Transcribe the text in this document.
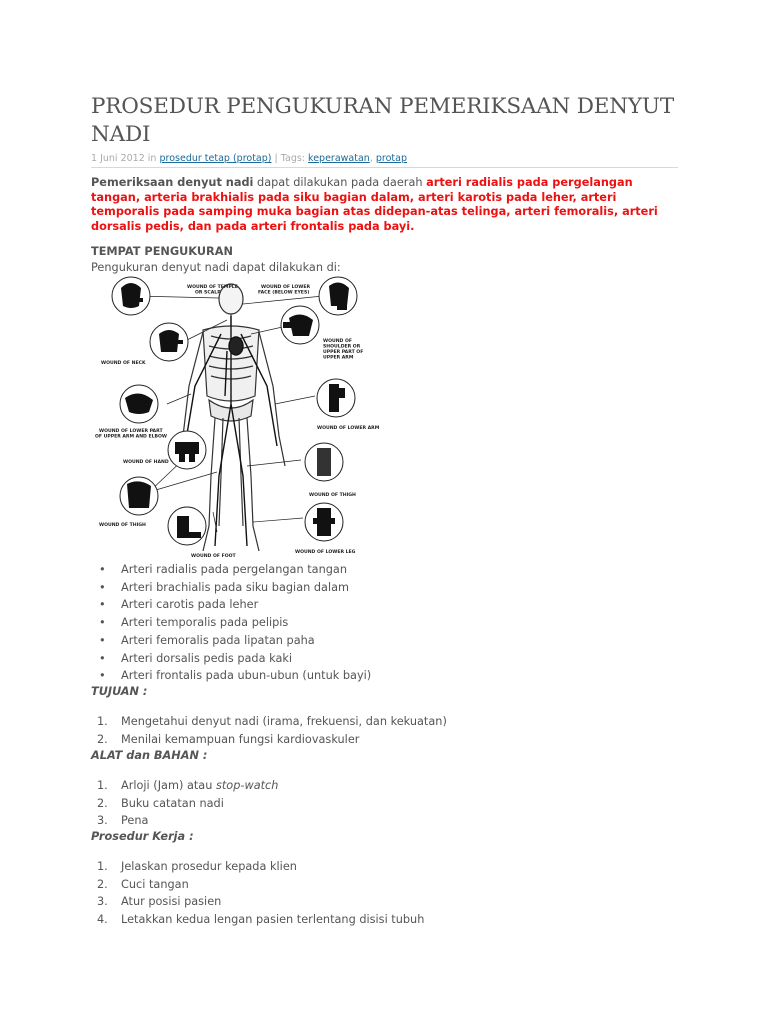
PROSEDUR PENGUKURAN PEMERIKSAAN DENYUT NADI
1 Juni 2012 in prosedur tetap (protap) | Tags: keperawatan, protap

Pemeriksaan denyut nadi dapat dilakukan pada daerah arteri radialis pada pergelangan tangan, arteria brakhialis pada siku bagian dalam, arteri karotis pada leher, arteri temporalis pada samping muka bagian atas didepan-atas telinga, arteri femoralis, arteri dorsalis pedis, dan pada arteri frontalis pada bayi.

TEMPAT PENGUKURAN
Pengukuran denyut nadi dapat dilakukan di:
WOUND OF TEMPLE
OR SCALP
WOUND OF LOWER
FACE (BELOW EYES)
WOUND OF NECK
WOUND OF
SHOULDER OR
UPPER PART OF
UPPER ARM
WOUND OF LOWER ARM
WOUND OF LOWER PART
OF UPPER ARM AND ELBOW
WOUND OF HAND
WOUND OF THIGH
WOUND OF THIGH
WOUND OF FOOT
WOUND OF LOWER LEG
• Arteri radialis pada pergelangan tangan
• Arteri brachialis pada siku bagian dalam
• Arteri carotis pada leher
• Arteri temporalis pada pelipis
• Arteri femoralis pada lipatan paha
• Arteri dorsalis pedis pada kaki
• Arteri frontalis pada ubun-ubun (untuk bayi)
TUJUAN :
1. Mengetahui denyut nadi (irama, frekuensi, dan kekuatan)
2. Menilai kemampuan fungsi kardiovaskuler
ALAT dan BAHAN :
1. Arloji (Jam) atau stop-watch
2. Buku catatan nadi
3. Pena
Prosedur Kerja :
1. Jelaskan prosedur kepada klien
2. Cuci tangan
3. Atur posisi pasien
4. Letakkan kedua lengan pasien terlentang disisi tubuh
